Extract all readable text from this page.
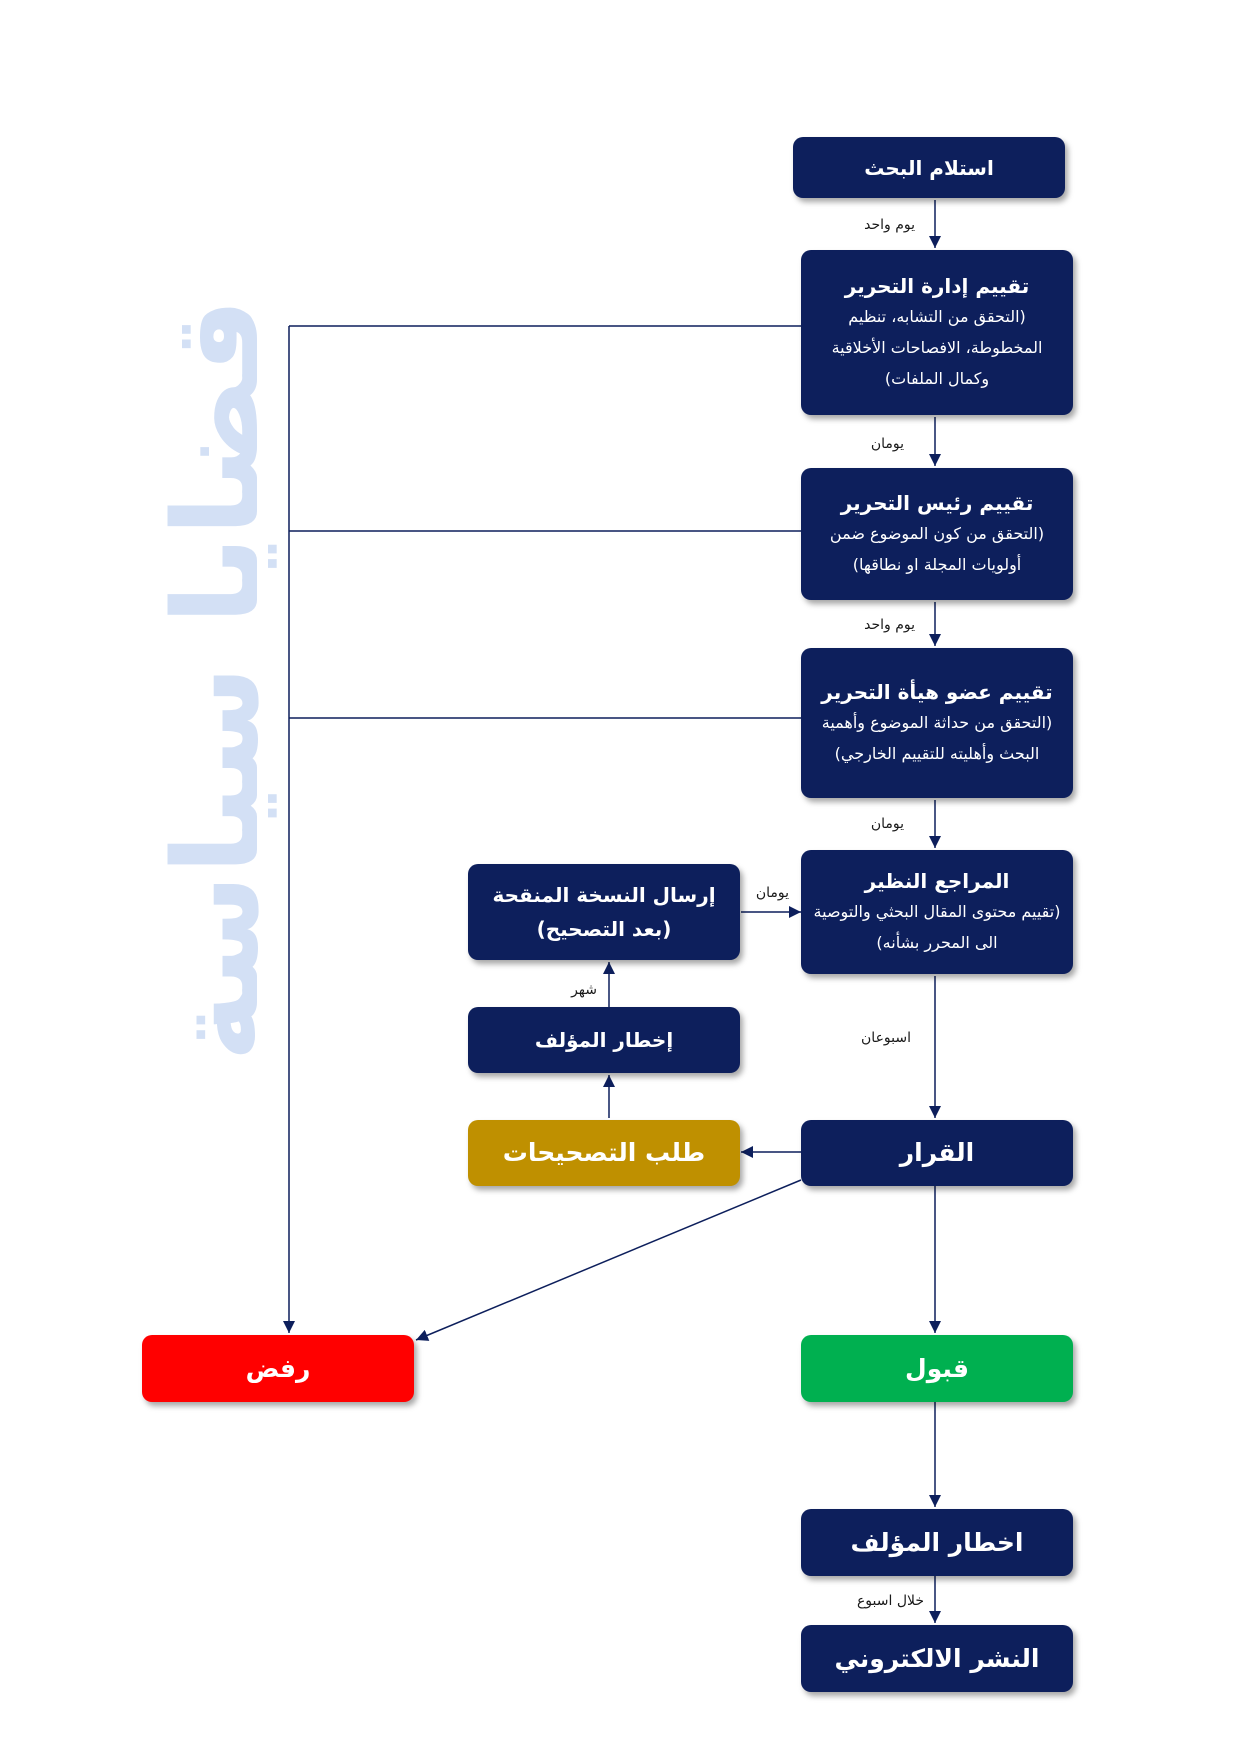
قضايا سياسة
استلام البحث
تقييم إدارة التحرير
(التحقق من التشابه، تنظيم المخطوطة، الافصاحات الأخلاقية وكمال الملفات)
تقييم رئيس التحرير
(التحقق من كون الموضوع ضمن أولويات المجلة او نطاقها)
تقييم عضو هيأة التحرير
(التحقق من حداثة الموضوع وأهمية البحث وأهليته للتقييم الخارجي)
المراجع النظير
(تقييم محتوى المقال البحثي والتوصية الى المحرر بشأنه)
إرسال النسخة المنقحة (بعد التصحيح)
إخطار المؤلف
طلب التصحيحات	القرار
رفض	قبول
اخطار المؤلف
النشر الالكتروني
يوم واحد
يومان
يوم واحد
يومان
يومان
شهر
اسبوعان
خلال اسبوع
